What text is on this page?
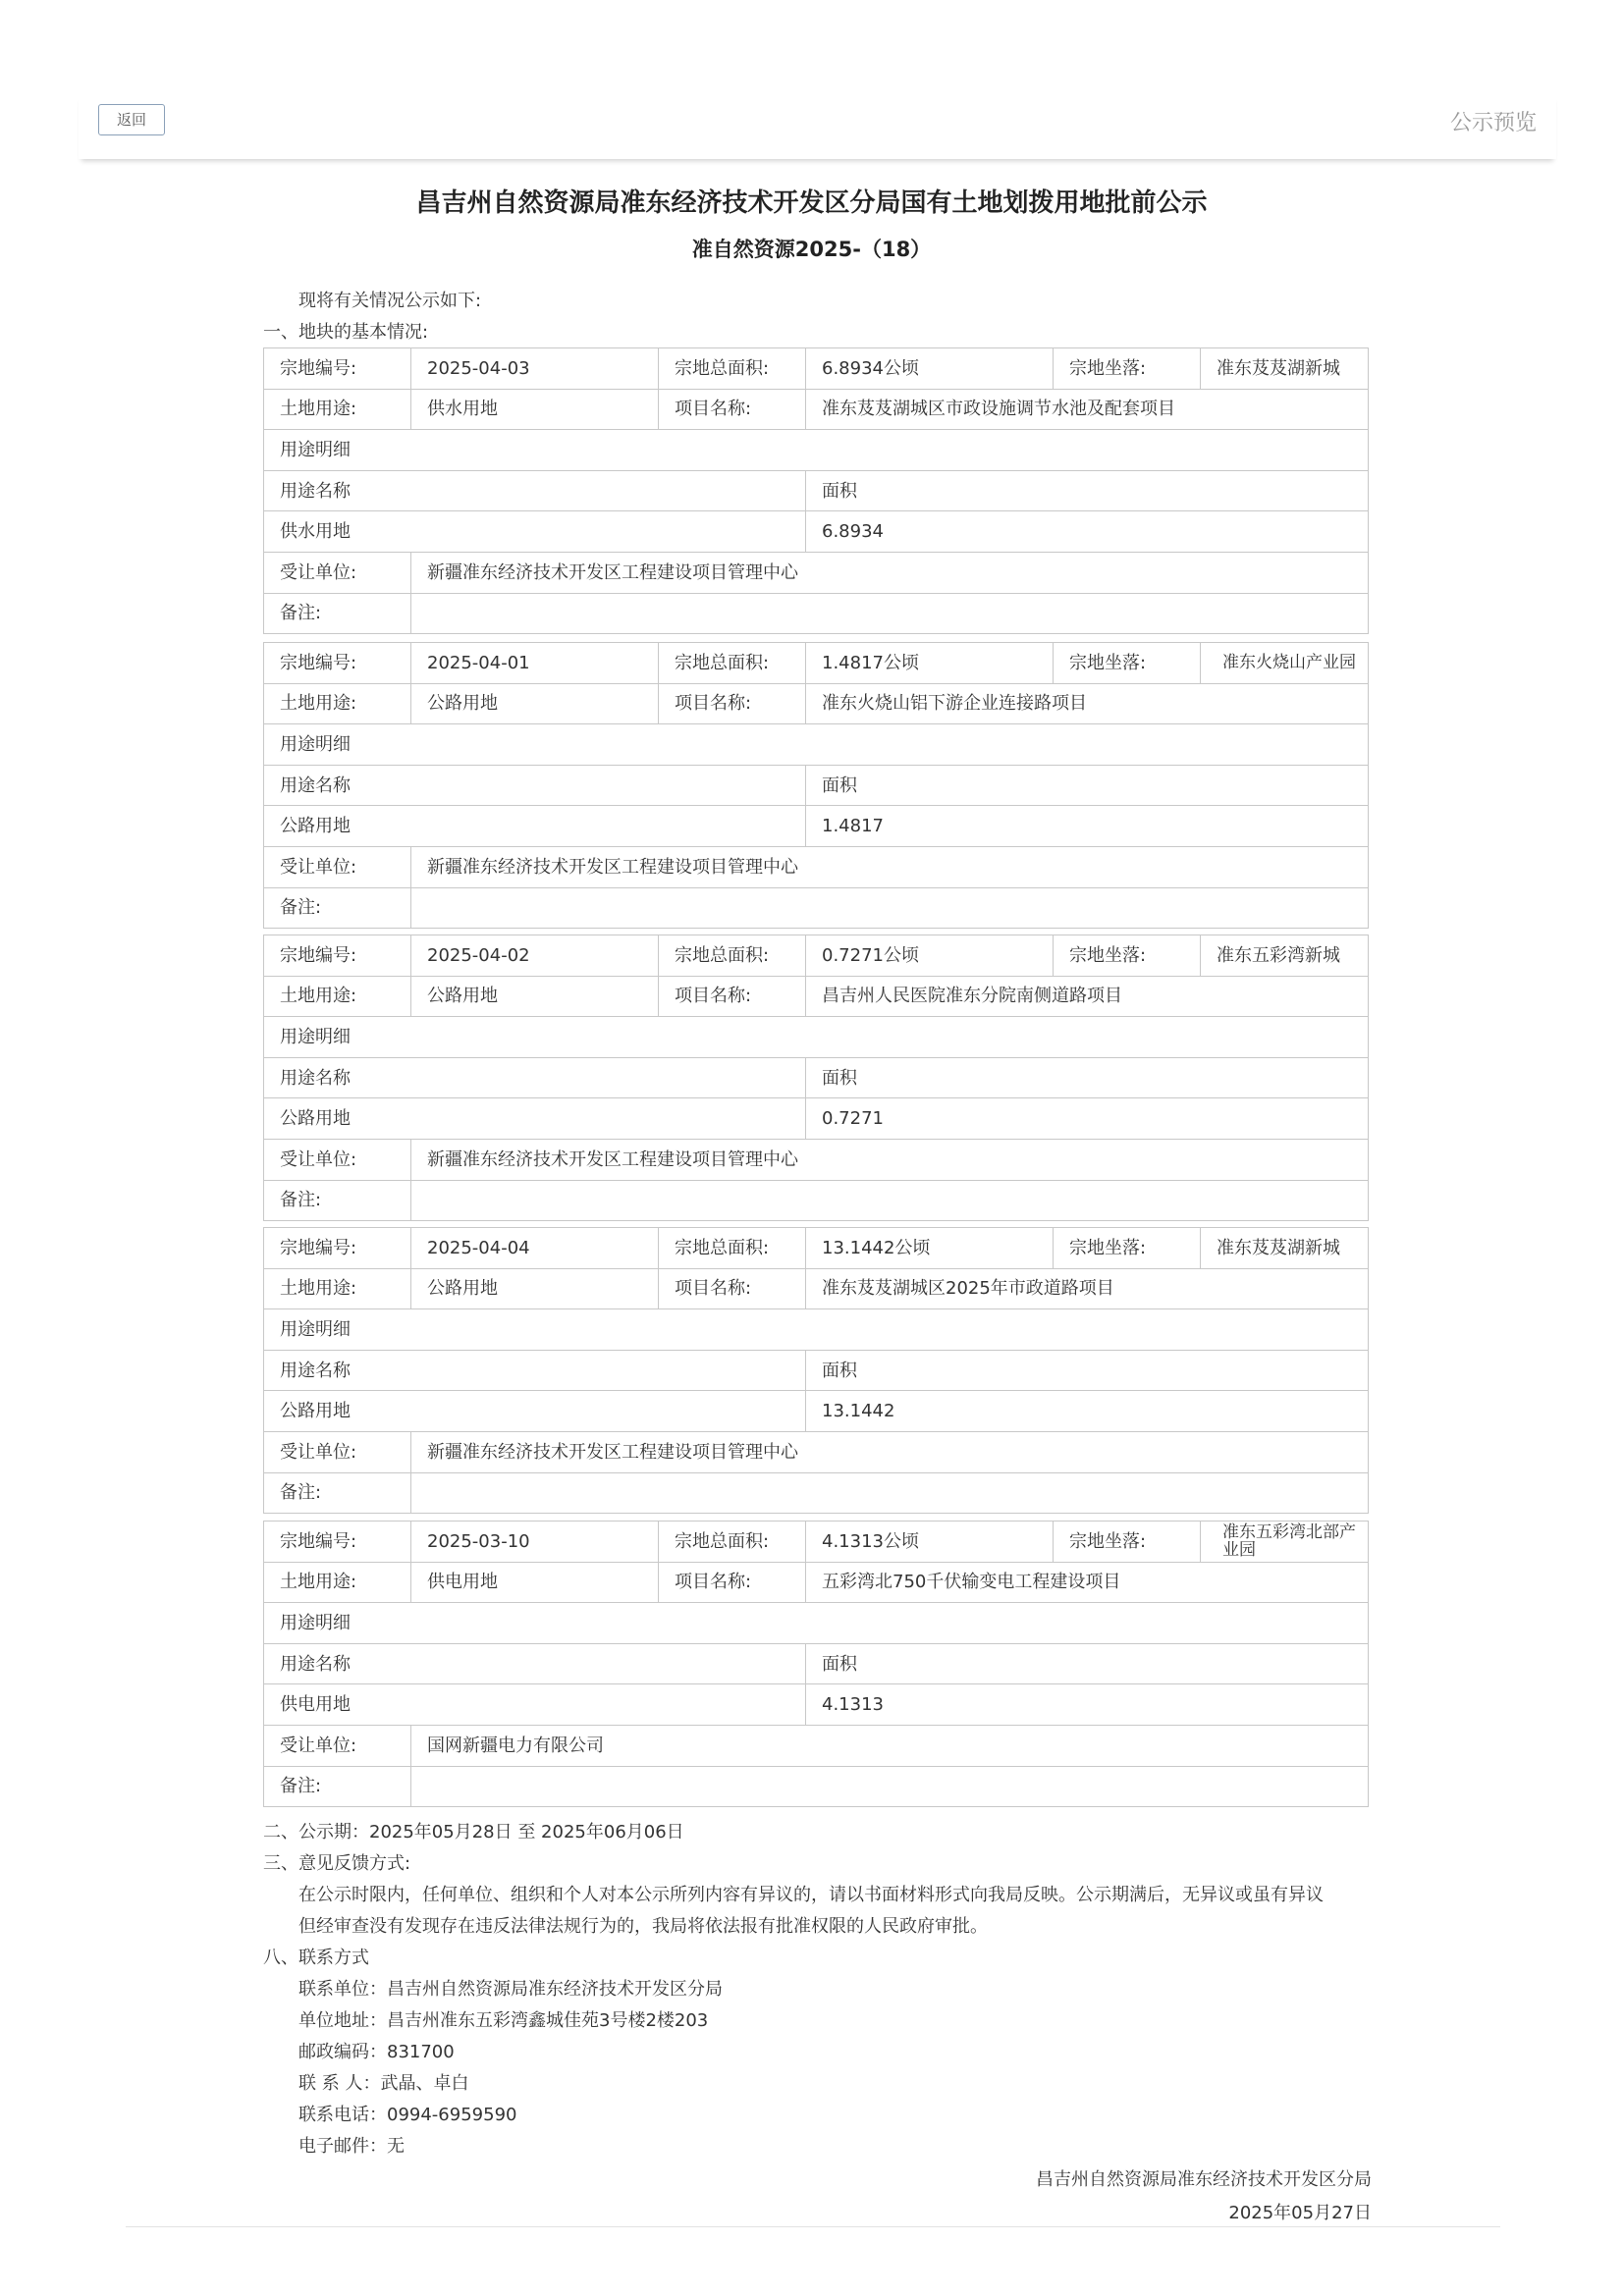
返回	公示预览
昌吉州自然资源局准东经济技术开发区分局国有土地划拨用地批前公示
准自然资源2025-（18）
现将有关情况公示如下:
一、地块的基本情况:
宗地编号:	2025-04-03	宗地总面积:	6.8934公顷	宗地坐落:	准东芨芨湖新城
土地用途:	供水用地	项目名称:	准东芨芨湖城区市政设施调节水池及配套项目
用途明细
用途名称	面积
供水用地	6.8934
受让单位:	新疆准东经济技术开发区工程建设项目管理中心
备注:	
宗地编号:	2025-04-01	宗地总面积:	1.4817公顷	宗地坐落:	准东火烧山产业园
土地用途:	公路用地	项目名称:	准东火烧山铝下游企业连接路项目
用途明细
用途名称	面积
公路用地	1.4817
受让单位:	新疆准东经济技术开发区工程建设项目管理中心
备注:	
宗地编号:	2025-04-02	宗地总面积:	0.7271公顷	宗地坐落:	准东五彩湾新城
土地用途:	公路用地	项目名称:	昌吉州人民医院准东分院南侧道路项目
用途明细
用途名称	面积
公路用地	0.7271
受让单位:	新疆准东经济技术开发区工程建设项目管理中心
备注:	
宗地编号:	2025-04-04	宗地总面积:	13.1442公顷	宗地坐落:	准东芨芨湖新城
土地用途:	公路用地	项目名称:	准东芨芨湖城区2025年市政道路项目
用途明细
用途名称	面积
公路用地	13.1442
受让单位:	新疆准东经济技术开发区工程建设项目管理中心
备注:	
宗地编号:	2025-03-10	宗地总面积:	4.1313公顷	宗地坐落:	准东五彩湾北部产业园
土地用途:	供电用地	项目名称:	五彩湾北750千伏输变电工程建设项目
用途明细
用途名称	面积
供电用地	4.1313
受让单位:	国网新疆电力有限公司
备注:	
二、公示期：2025年05月28日 至 2025年06月06日
三、意见反馈方式:
在公示时限内，任何单位、组织和个人对本公示所列内容有异议的，请以书面材料形式向我局反映。公示期满后，无异议或虽有异议
但经审查没有发现存在违反法律法规行为的，我局将依法报有批准权限的人民政府审批。
八、联系方式
联系单位：昌吉州自然资源局准东经济技术开发区分局
单位地址：昌吉州准东五彩湾鑫城佳苑3号楼2楼203
邮政编码：831700
联 系 人：武晶、卓白
联系电话：0994-6959590
电子邮件：无
昌吉州自然资源局准东经济技术开发区分局
2025年05月27日
